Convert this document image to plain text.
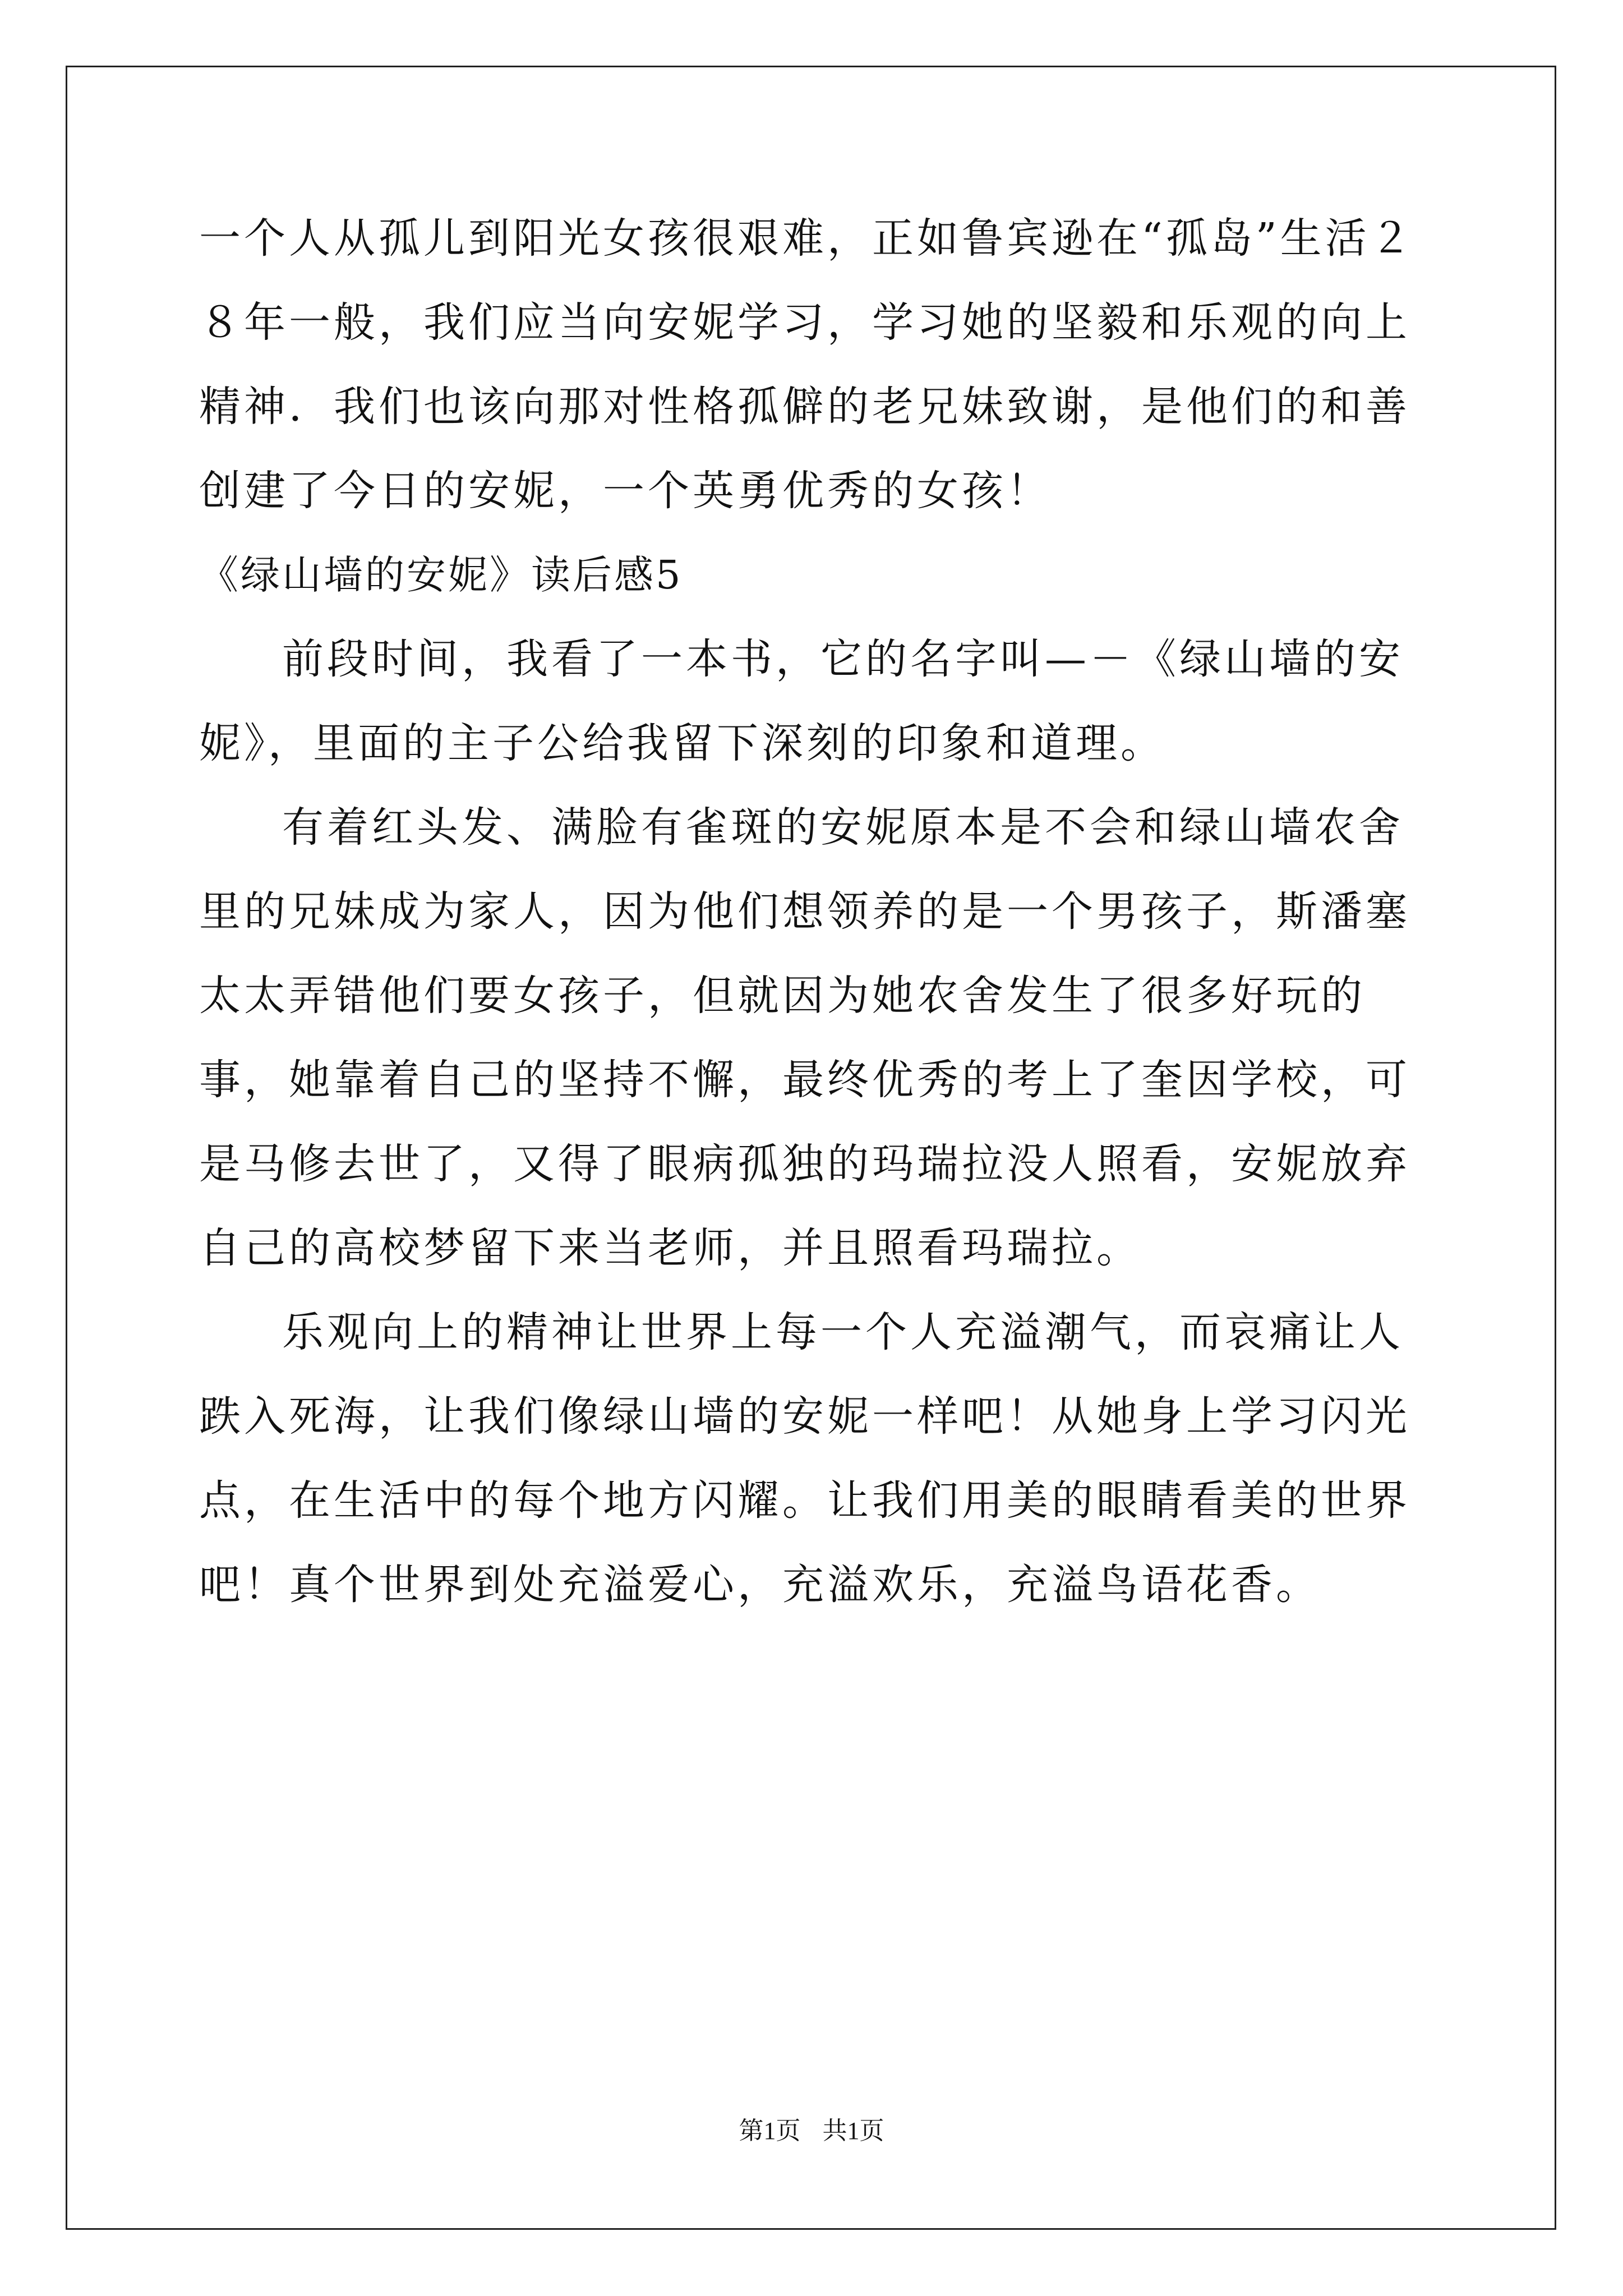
一个人从孤儿到阳光女孩很艰难，正如鲁宾逊在“孤岛”生活２８年一般，我们应当向安妮学习，学习她的坚毅和乐观的向上精神．我们也该向那对性格孤僻的老兄妹致谢，是他们的和善创建了今日的安妮，一个英勇优秀的女孩！

《绿山墙的安妮》读后感5

前段时间，我看了一本书，它的名字叫—－《绿山墙的安妮》，里面的主子公给我留下深刻的印象和道理。

有着红头发、满脸有雀斑的安妮原本是不会和绿山墙农舍里的兄妹成为家人，因为他们想领养的是一个男孩子，斯潘塞太太弄错他们要女孩子，但就因为她农舍发生了很多好玩的事，她靠着自己的坚持不懈，最终优秀的考上了奎因学校，可是马修去世了，又得了眼病孤独的玛瑞拉没人照看，安妮放弃自己的高校梦留下来当老师，并且照看玛瑞拉。

乐观向上的精神让世界上每一个人充溢潮气，而哀痛让人跌入死海，让我们像绿山墙的安妮一样吧！从她身上学习闪光点，在生活中的每个地方闪耀。让我们用美的眼睛看美的世界吧！真个世界到处充溢爱心，充溢欢乐，充溢鸟语花香。

第1页 共1页
